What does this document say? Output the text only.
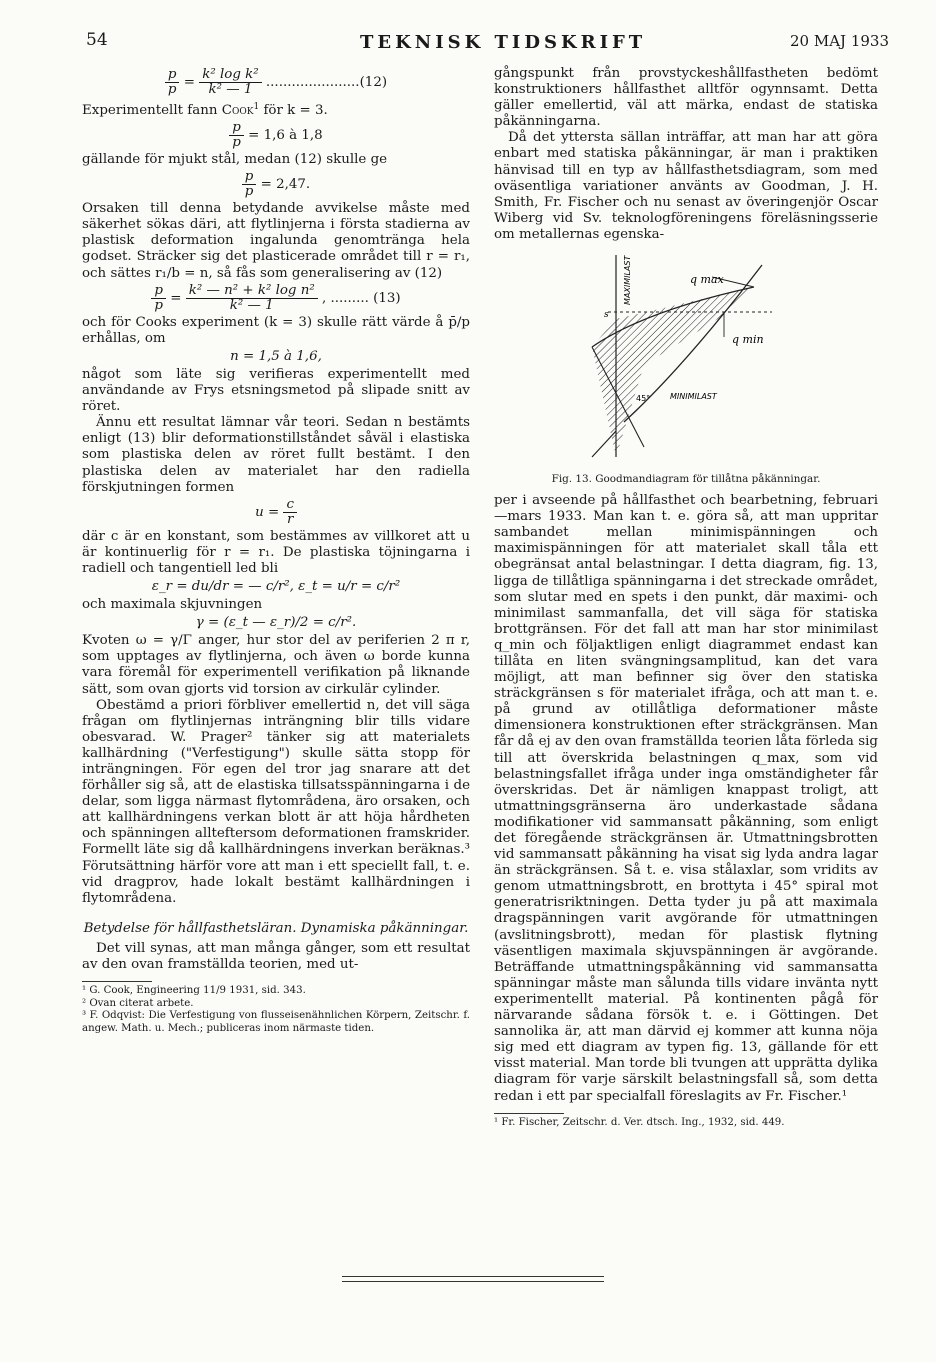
54	TEKNISK TIDSKRIFT	20 MAJ 1933
$\frac{p}{p} = \frac{\text{k² log k²}}{\text{k² — 1}} ......................(12)$

Experimentellt fann Cook$^1$ för k = 3.

$\frac{p}{p} = 1,6$ à 1,8

gällande för mjukt stål, medan (12) skulle ge

$\frac{p}{p} = 2,47$.

Orsaken till denna betydande avvikelse måste med säkerhet sökas däri, att flytlinjerna i första stadierna av plastisk deformation ingalunda genomtränga hela godset. Sträcker sig det plasticerade området till r = r₁, och sättes r₁/b = n, så fås som generalisering av (12)

$\frac{p}{p} = \frac{\text{k² — n² + k² log n²}}{\text{k² — 1}}$ , ......... (13)

och för Cooks experiment (k = 3) skulle rätt värde å p̄/p erhållas, om

n = 1,5 à 1,6,

något som läte sig verifieras experimentellt med användande av Frys etsningsmetod på slipade snitt av röret.

Ännu ett resultat lämnar vår teori. Sedan n bestämts enligt (13) blir deformationstillståndet såväl i elastiska som plastiska delen av röret fullt bestämt. I den plastiska delen av materialet har den radiella förskjutningen formen

$u = \frac{c}{r}$

där c är en konstant, som bestämmes av villkoret att u är kontinuerlig för r = r₁. De plastiska töjningarna i radiell och tangentiell led bli

ε_r = du/dr = — c/r², ε_t = u/r = c/r²

och maximala skjuvningen

γ = (ε_t — ε_r)/2 = c/r².

Kvoten ω = γ/Γ anger, hur stor del av periferien 2 π r, som upptages av flytlinjerna, och även ω borde kunna vara föremål för experimentell verifikation på liknande sätt, som ovan gjorts vid torsion av cirkulär cylinder.

Obestämd a priori förbliver emellertid n, det vill säga frågan om flytlinjernas inträngning blir tills vidare obesvarad. W. Prager² tänker sig att materialets kallhärdning ("Verfestigung") skulle sätta stopp för inträngningen. För egen del tror jag snarare att det förhåller sig så, att de elastiska tillsatsspänningarna i de delar, som ligga närmast flytområdena, äro orsaken, och att kallhärdningens verkan blott är att höja hårdheten och spänningen allteftersom deformationen framskrider. Formellt läte sig då kallhärdningens inverkan beräknas.³ Förutsättning härför vore att man i ett speciellt fall, t. e. vid dragprov, hade lokalt bestämt kallhärdningen i flytområdena.

Betydelse för hållfasthetsläran. Dynamiska påkänningar.

Det vill synas, att man många gånger, som ett resultat av den ovan framställda teorien, med ut-

¹ G. Cook, Engineering 11/9 1931, sid. 343.
² Ovan citerat arbete.
³ F. Odqvist: Die Verfestigung von flusseisenähnlichen Körpern, Zeitschr. f. angew. Math. u. Mech.; publiceras inom närmaste tiden.

gångspunkt från provstyckeshållfastheten bedömt konstruktioners hållfasthet alltför ogynnsamt. Detta gäller emellertid, väl att märka, endast de statiska påkänningarna.

Då det yttersta sällan inträffar, att man har att göra enbart med statiska påkänningar, är man i praktiken hänvisad till en typ av hållfasthetsdiagram, som med oväsentliga variationer använts av Goodman, J. H. Smith, Fr. Fischer och nu senast av överingenjör Oscar Wiberg vid Sv. teknologföreningens föreläsningsserie om metallernas egenska-

MAXIMILAST	q max
q min
s
45° MINIMILAST
Fig. 13. Goodmandiagram för tillåtna påkänningar.

per i avseende på hållfasthet och bearbetning, februari—mars 1933. Man kan t. e. göra så, att man uppritar sambandet mellan minimispänningen och maximispänningen för att materialet skall tåla ett obegränsat antal belastningar. I detta diagram, fig. 13, ligga de tillåtliga spänningarna i det streckade området, som slutar med en spets i den punkt, där maximi- och minimilast sammanfalla, det vill säga för statiska brottgränsen. För det fall att man har stor minimilast q_min och följaktligen enligt diagrammet endast kan tillåta en liten svängningsamplitud, kan det vara möjligt, att man befinner sig över den statiska sträckgränsen s för materialet ifråga, och att man t. e. på grund av otillåtliga deformationer måste dimensionera konstruktionen efter sträckgränsen. Man får då ej av den ovan framställda teorien låta förleda sig till att överskrida belastningen q_max, som vid belastningsfallet ifråga under inga omständigheter får överskridas. Det är nämligen knappast troligt, att utmattningsgränserna äro underkastade sådana modifikationer vid sammansatt påkänning, som enligt det föregående sträckgränsen är. Utmattningsbrotten vid sammansatt påkänning ha visat sig lyda andra lagar än sträckgränsen. Så t. e. visa stålaxlar, som vridits av genom utmattningsbrott, en brottyta i 45° spiral mot generatrisriktningen. Detta tyder ju på att maximala dragspänningen varit avgörande för utmattningen (avslitningsbrott), medan för plastisk flytning väsentligen maximala skjuvspänningen är avgörande. Beträffande utmattningspåkänning vid sammansatta spänningar måste man sålunda tills vidare invänta nytt experimentellt material. På kontinenten pågå för närvarande sådana försök t. e. i Göttingen. Det sannolika är, att man därvid ej kommer att kunna nöja sig med ett diagram av typen fig. 13, gällande för ett visst material. Man torde bli tvungen att upprätta dylika diagram för varje särskilt belastningsfall så, som detta redan i ett par specialfall föreslagits av Fr. Fischer.¹

¹ Fr. Fischer, Zeitschr. d. Ver. dtsch. Ing., 1932, sid. 449.
